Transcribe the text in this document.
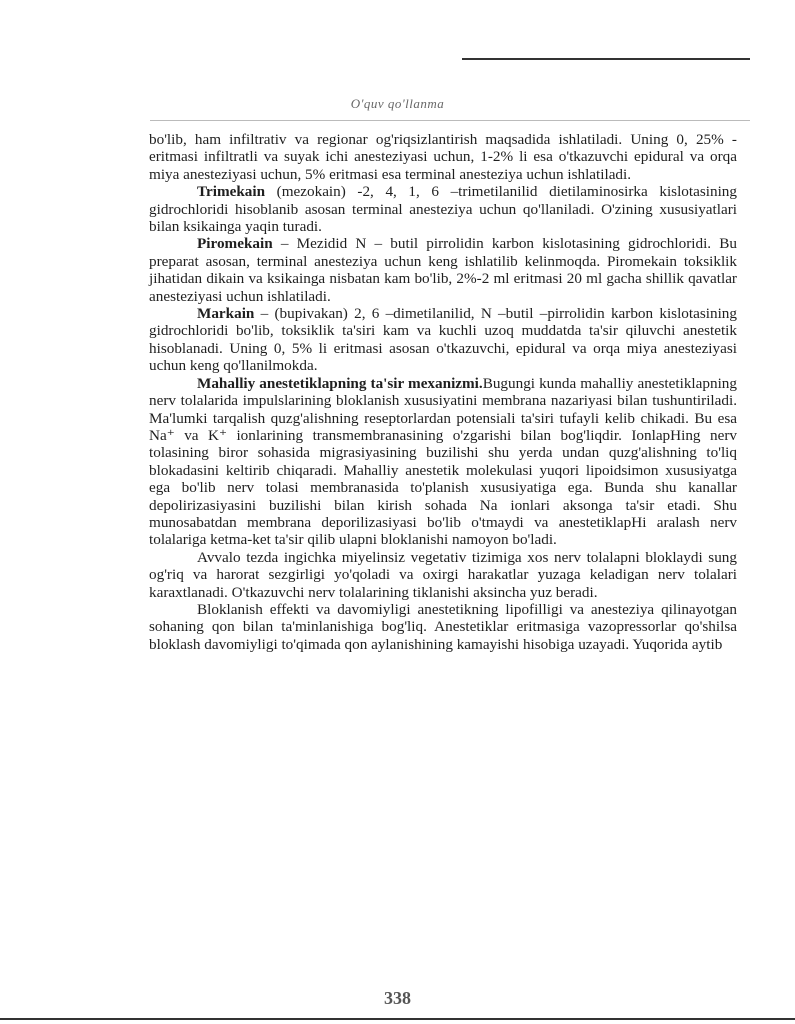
O'quv qo'llanma

bo'lib, ham infiltrativ va regionar og'riqsizlantirish maqsadida ishlatiladi. Uning 0, 25% -eritmasi infiltratli va suyak ichi anesteziyasi uchun, 1-2% li esa o'tkazuvchi epidural va orqa miya anesteziyasi uchun, 5% eritmasi esa terminal anesteziya uchun ishlatiladi.

Trimekain (mezokain) -2, 4, 1, 6 –trimetilanilid dietilaminosirka kislotasining gidrochloridi hisoblanib asosan terminal anesteziya uchun qo'llaniladi. O'zining xususiyatlari bilan ksikainga yaqin turadi.

Piromekain – Mezidid N – butil pirrolidin karbon kislotasining gidrochloridi. Bu preparat asosan, terminal anesteziya uchun keng ishlatilib kelinmoqda. Piromekain toksiklik jihatidan dikain va ksikainga nisbatan kam bo'lib, 2%-2 ml eritmasi 20 ml gacha shillik qavatlar anesteziyasi uchun ishlatiladi.

Markain – (bupivakan) 2, 6 –dimetilanilid, N –butil –pirrolidin karbon kislotasining gidrochloridi bo'lib, toksiklik ta'siri kam va kuchli uzoq muddatda ta'sir qiluvchi anestetik hisoblanadi. Uning 0, 5% li eritmasi asosan o'tkazuvchi, epidural va orqa miya anesteziyasi uchun keng qo'llanilmokda.

Mahalliy anestetiklapning ta'sir mexanizmi.Bugungi kunda mahalliy anestetiklapning nerv tolalarida impulslarining bloklanish xususiyatini membrana nazariyasi bilan tushuntiriladi. Ma'lumki tarqalish quzg'alishning reseptorlardan potensiali ta'siri tufayli kelib chikadi. Bu esa Na⁺ va K⁺ ionlarining transmembranasining o'zgarishi bilan bog'liqdir. IonlapHing nerv tolasining biror sohasida migrasiyasining buzilishi shu yerda undan quzg'alishning to'liq blokadasini keltirib chiqaradi. Mahalliy anestetik molekulasi yuqori lipoidsimon xususiyatga ega bo'lib nerv tolasi membranasida to'planish xususiyatiga ega. Bunda shu kanallar depolirizasiyasini buzilishi bilan kirish sohada Na ionlari aksonga ta'sir etadi. Shu munosabatdan membrana deporilizasiyasi bo'lib o'tmaydi va anestetiklapHi aralash nerv tolalariga ketma-ket ta'sir qilib ulapni bloklanishi namoyon bo'ladi.

Avvalo tezda ingichka miyelinsiz vegetativ tizimiga xos nerv tolalapni bloklaydi sung og'riq va harorat sezgirligi yo'qoladi va oxirgi harakatlar yuzaga keladigan nerv tolalari karaxtlanadi. O'tkazuvchi nerv tolalarining tiklanishi aksincha yuz beradi.

Bloklanish effekti va davomiyligi anestetikning lipofilligi va anesteziya qilinayotgan sohaning qon bilan ta'minlanishiga bog'liq. Anestetiklar eritmasiga vazopressorlar qo'shilsa bloklash davomiyligi to'qimada qon aylanishining kamayishi hisobiga uzayadi. Yuqorida aytib

338
